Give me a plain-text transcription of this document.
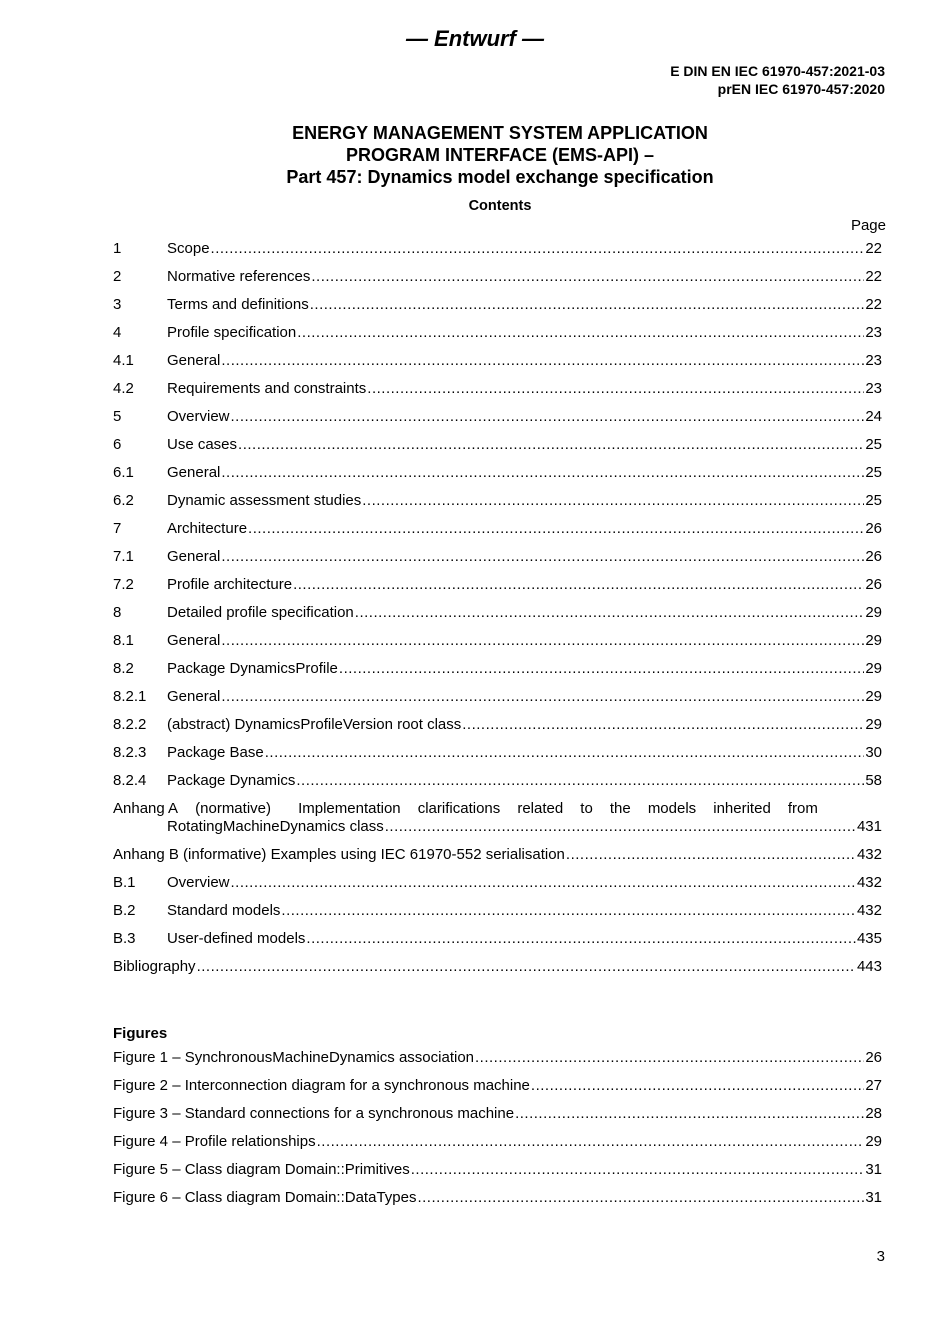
— Entwurf —
E DIN EN IEC 61970-457:2021-03
prEN IEC 61970-457:2020
ENERGY MANAGEMENT SYSTEM APPLICATION
PROGRAM INTERFACE (EMS-API) –
Part 457: Dynamics model exchange specification
Contents
Page
1	Scope .....	22
2	Normative references .....	22
3	Terms and definitions .....	22
4	Profile specification .....	23
4.1	General .....	23
4.2	Requirements and constraints .....	23
5	Overview .....	24
6	Use cases .....	25
6.1	General .....	25
6.2	Dynamic assessment studies .....	25
7	Architecture .....	26
7.1	General .....	26
7.2	Profile architecture .....	26
8	Detailed profile specification .....	29
8.1	General .....	29
8.2	Package DynamicsProfile .....	29
8.2.1	General .....	29
8.2.2	(abstract) DynamicsProfileVersion root class .....	29
8.2.3	Package Base .....	30
8.2.4	Package Dynamics .....	58
Anhang A (normative) Implementation clarifications related to the models inherited from
RotatingMachineDynamics class .....	431
Anhang B (informative) Examples using IEC 61970-552 serialisation .....	432
B.1	Overview .....	432
B.2	Standard models .....	432
B.3	User-defined models .....	435
Bibliography .....	443
Figures
Figure 1 – SynchronousMachineDynamics association .....	26
Figure 2 – Interconnection diagram for a synchronous machine .....	27
Figure 3 – Standard connections for a synchronous machine .....	28
Figure 4 – Profile relationships .....	29
Figure 5 – Class diagram Domain::Primitives .....	31
Figure 6 – Class diagram Domain::DataTypes .....	31
3
